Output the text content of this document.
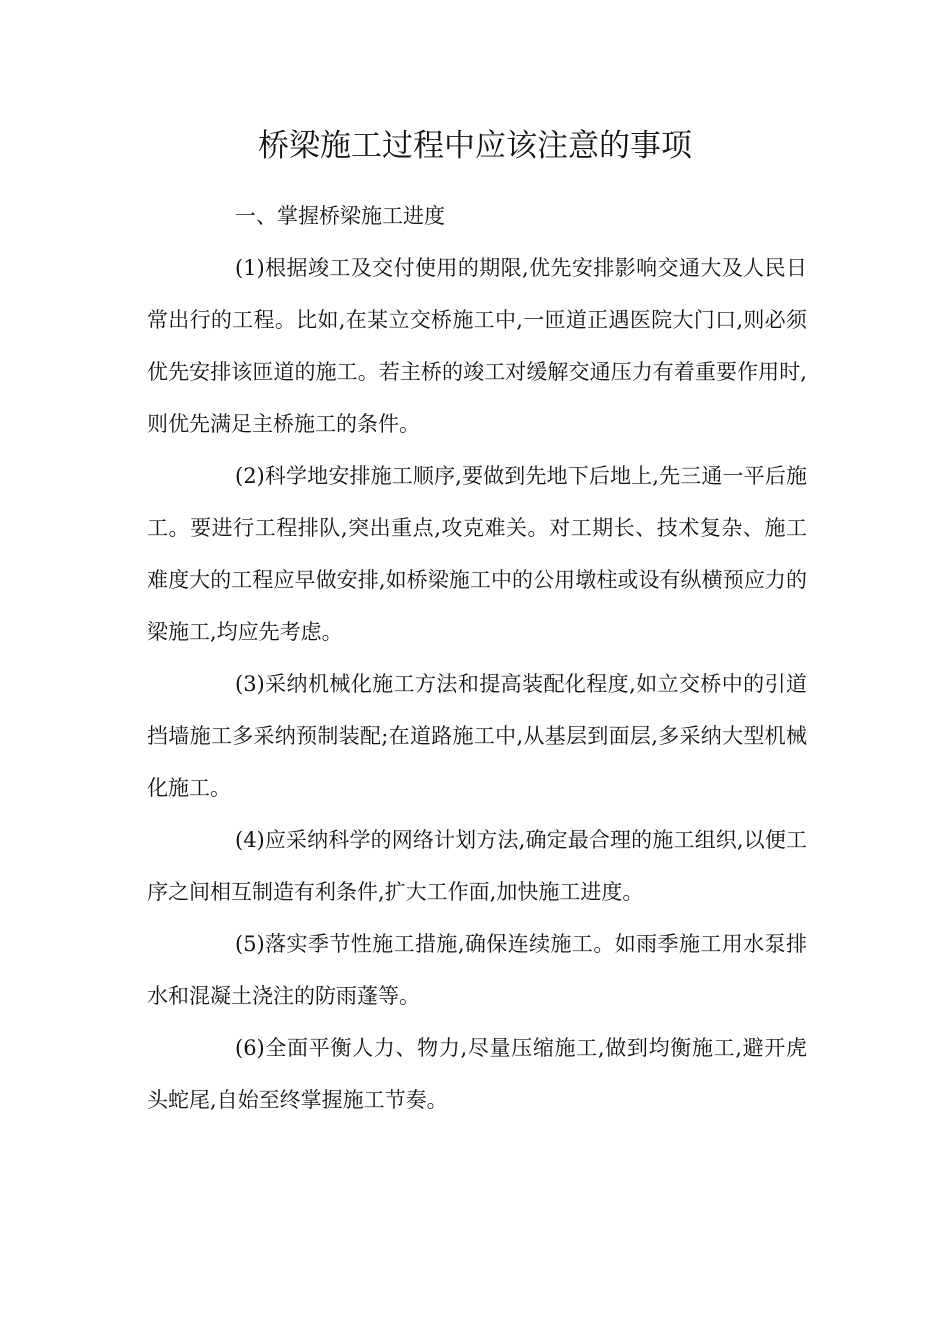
桥梁施工过程中应该注意的事项

一、掌握桥梁施工进度

(1)根据竣工及交付使用的期限,优先安排影响交通大及人民日常出行的工程。比如,在某立交桥施工中,一匝道正遇医院大门口,则必须优先安排该匝道的施工。若主桥的竣工对缓解交通压力有着重要作用时,则优先满足主桥施工的条件。

(2)科学地安排施工顺序,要做到先地下后地上,先三通一平后施工。要进行工程排队,突出重点,攻克难关。对工期长、技术复杂、施工难度大的工程应早做安排,如桥梁施工中的公用墩柱或设有纵横预应力的梁施工,均应先考虑。

(3)采纳机械化施工方法和提高装配化程度,如立交桥中的引道挡墙施工多采纳预制装配;在道路施工中,从基层到面层,多采纳大型机械化施工。

(4)应采纳科学的网络计划方法,确定最合理的施工组织,以便工序之间相互制造有利条件,扩大工作面,加快施工进度。

(5)落实季节性施工措施,确保连续施工。如雨季施工用水泵排水和混凝土浇注的防雨蓬等。

(6)全面平衡人力、物力,尽量压缩施工,做到均衡施工,避开虎头蛇尾,自始至终掌握施工节奏。
